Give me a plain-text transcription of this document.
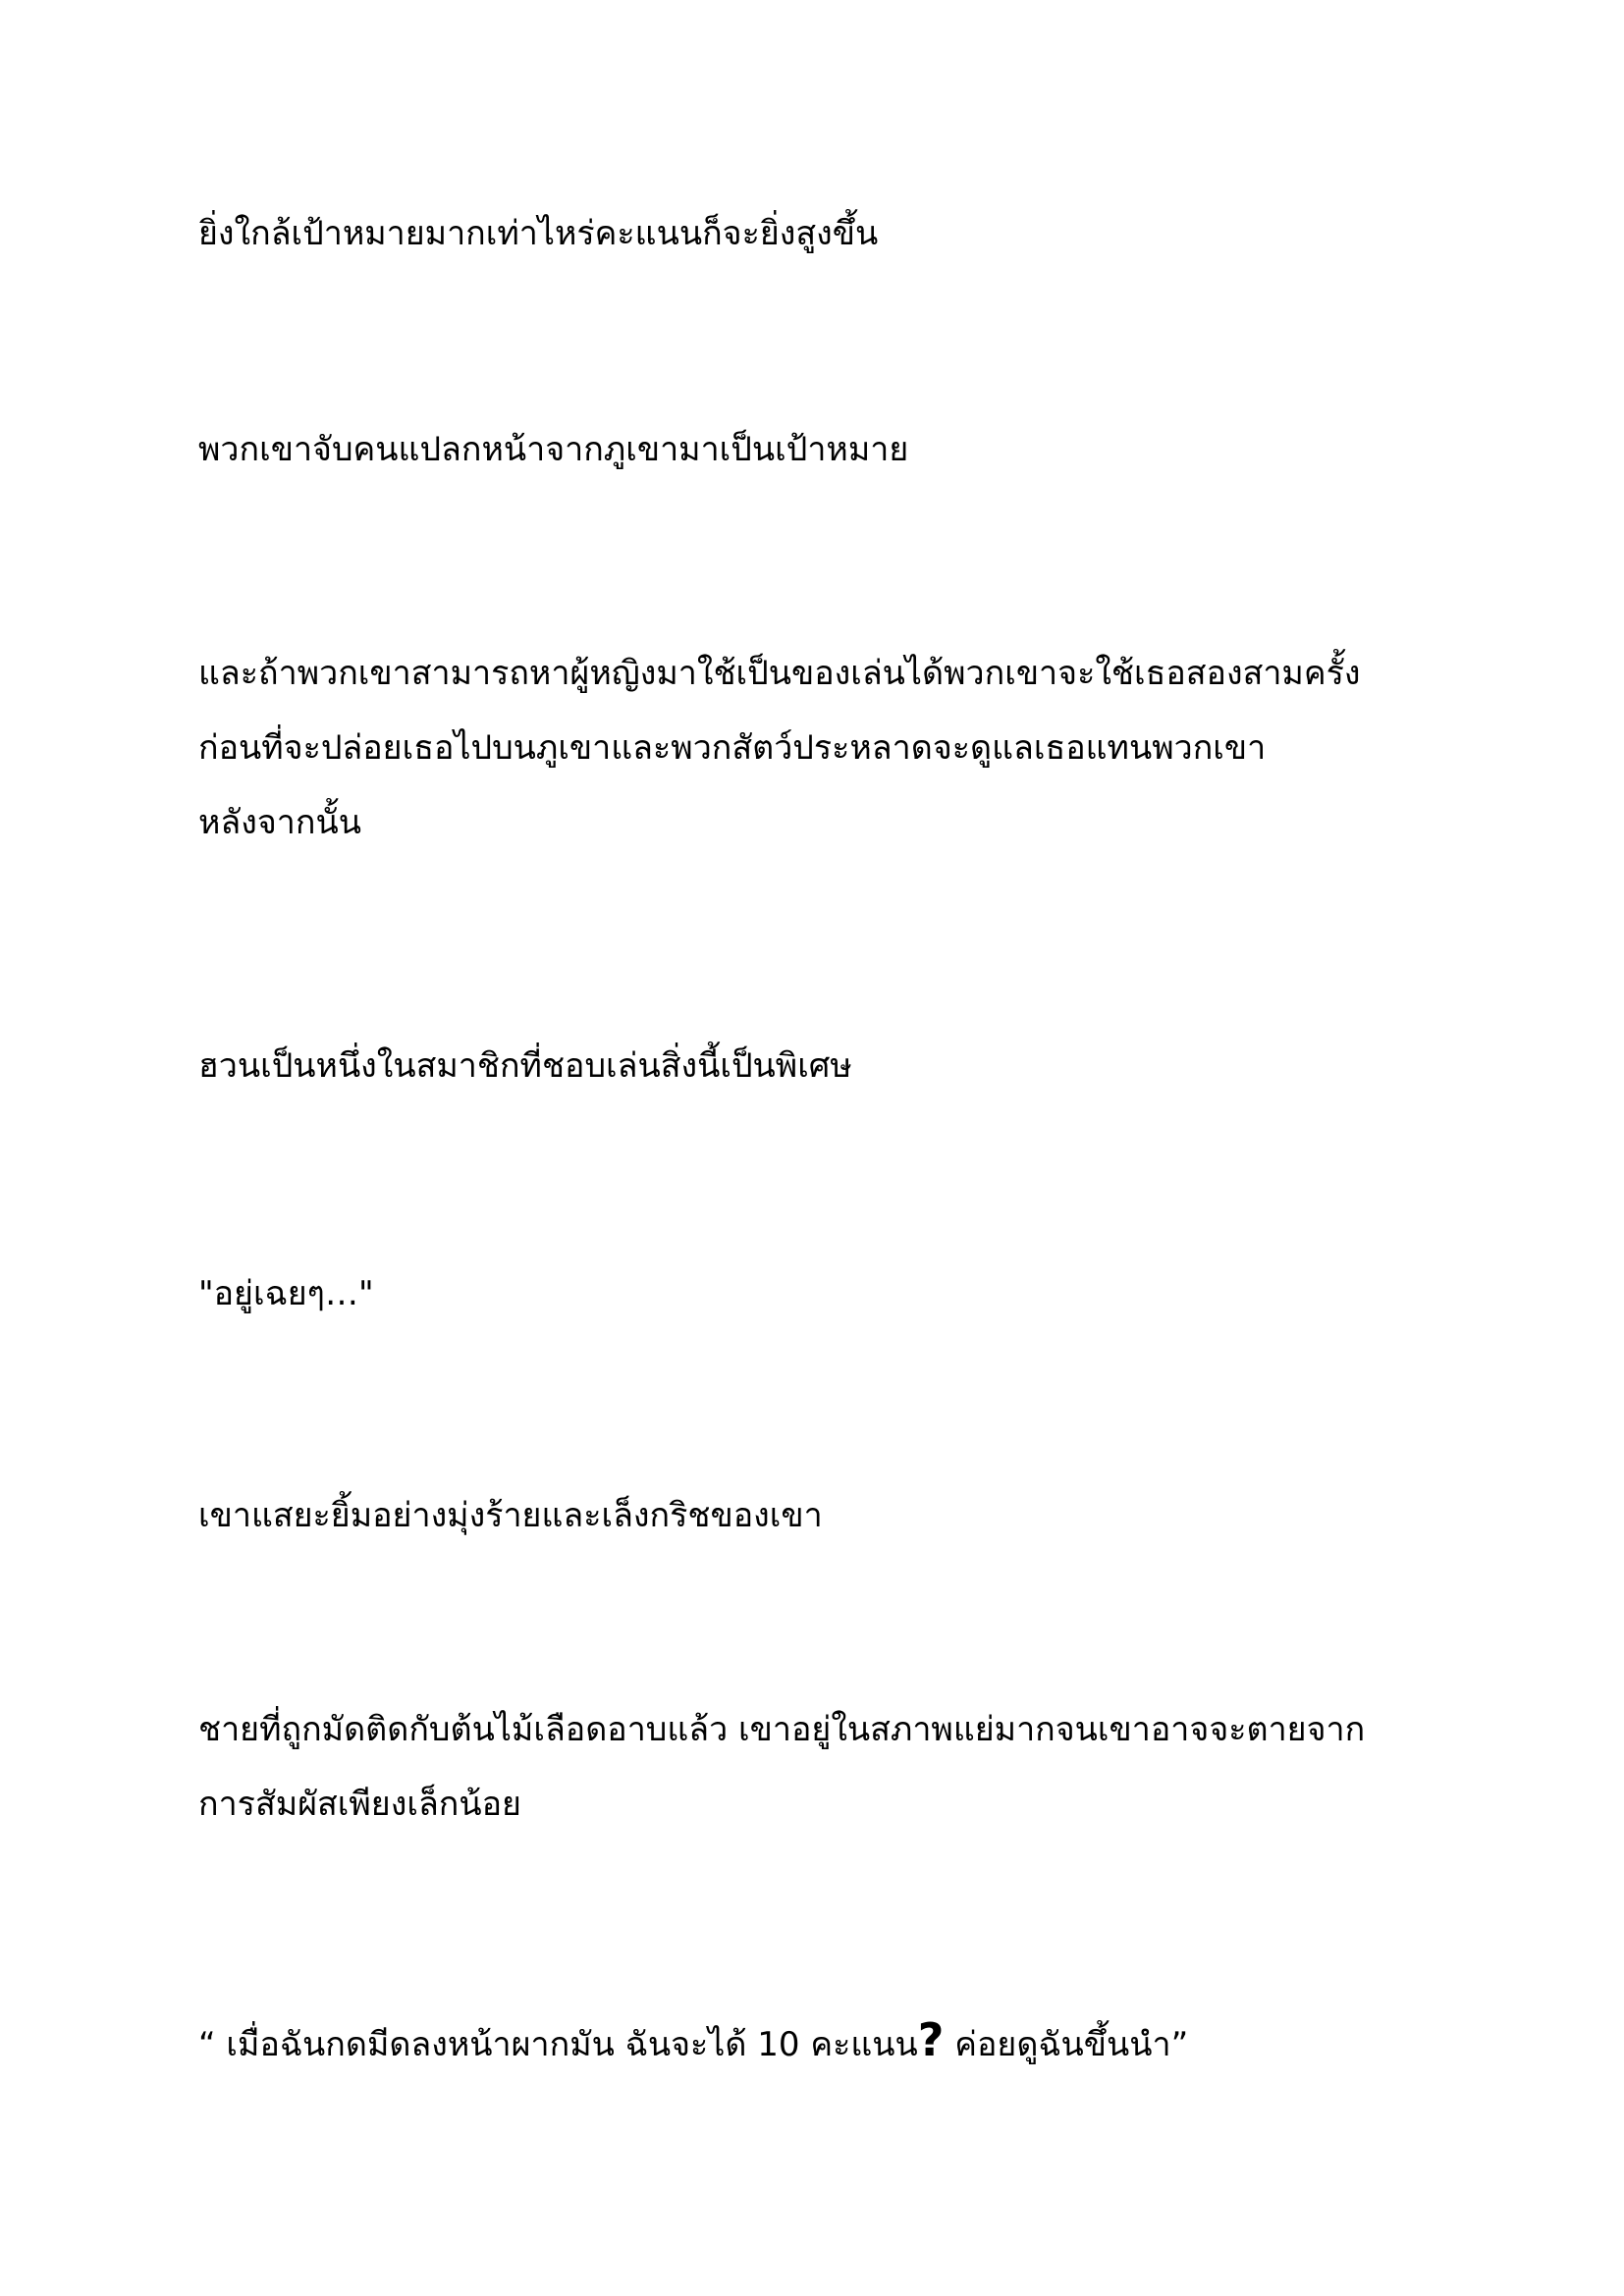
ยิ่งใกล้เป้าหมายมากเท่าไหร่คะแนนก็จะยิ่งสูงขึ้น

พวกเขาจับคนแปลกหน้าจากภูเขามาเป็นเป้าหมาย

และถ้าพวกเขาสามารถหาผู้หญิงมาใช้เป็นของเล่นได้พวกเขาจะใช้เธอสองสามครั้ง
ก่อนที่จะปล่อยเธอไปบนภูเขาและพวกสัตว์ประหลาดจะดูแลเธอแทนพวกเขา
หลังจากนั้น

ฮวนเป็นหนึ่งในสมาชิกที่ชอบเล่นสิ่งนี้เป็นพิเศษ

"อยู่เฉยๆ…"

เขาแสยะยิ้มอย่างมุ่งร้ายและเล็งกริชของเขา

ชายที่ถูกมัดติดกับต้นไม้เลือดอาบแล้ว เขาอยู่ในสภาพแย่มากจนเขาอาจจะตายจาก
การสัมผัสเพียงเล็กน้อย

“ เมื่อฉันกดมีดลงหน้าผากมัน ฉันจะได้ 10 คะแนน? ค่อยดูฉันขึ้นนำ”
